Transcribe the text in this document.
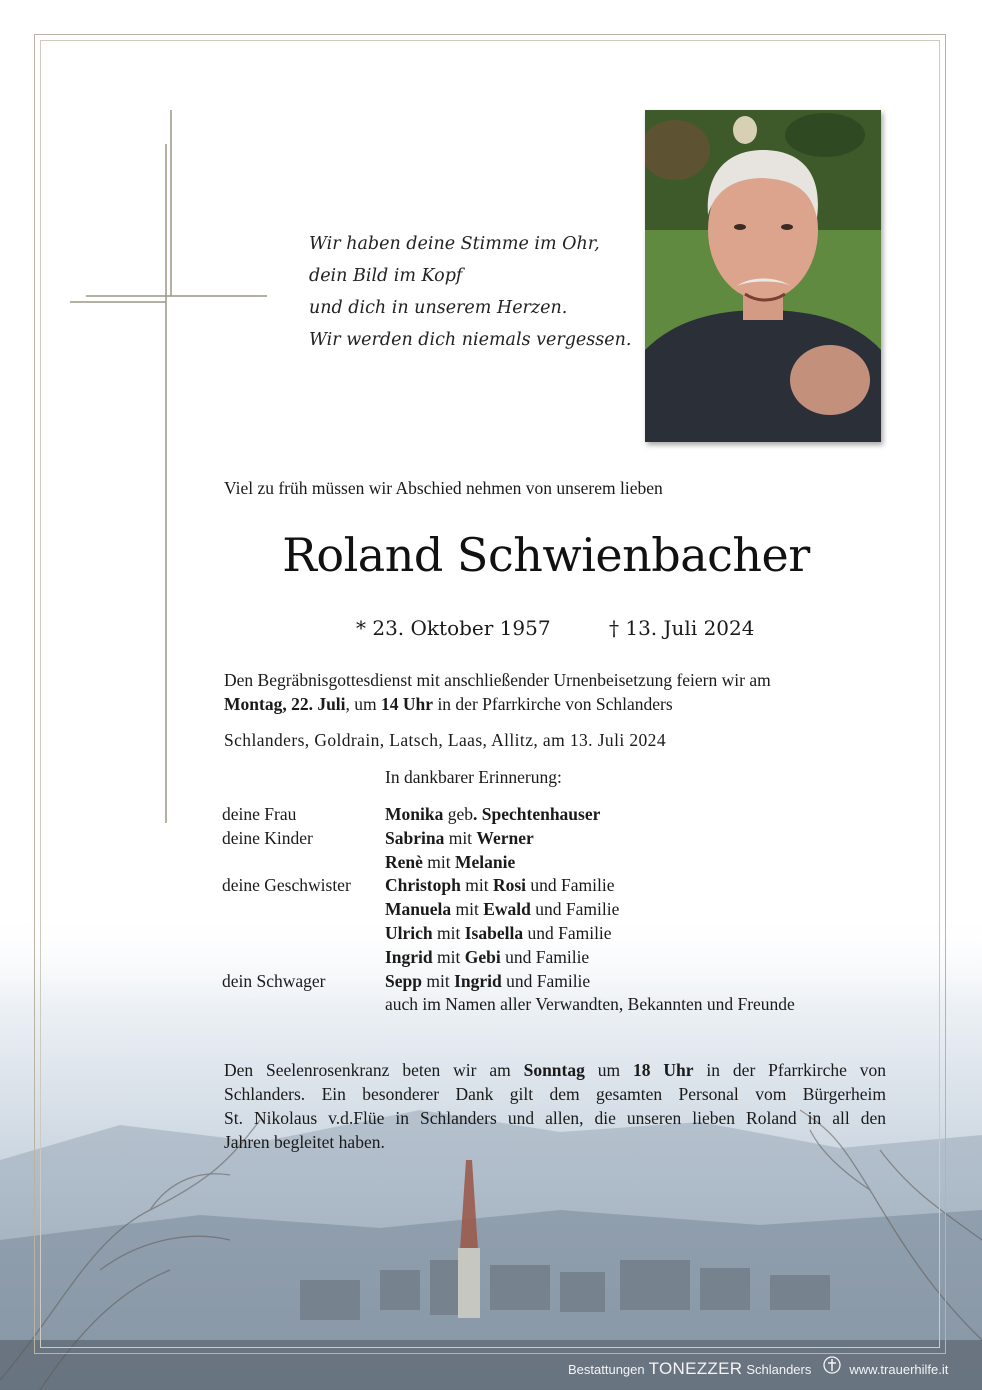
Wir haben deine Stimme im Ohr,
dein Bild im Kopf
und dich in unserem Herzen.
Wir werden dich niemals vergessen.
Viel zu früh müssen wir Abschied nehmen von unserem lieben
Roland Schwienbacher
* 23. Oktober 1957	† 13. Juli 2024
Den Begräbnisgottesdienst mit anschließender Urnenbeisetzung feiern wir am
Montag, 22. Juli, um 14 Uhr in der Pfarrkirche von Schlanders
Schlanders, Goldrain, Latsch, Laas, Allitz, am 13. Juli 2024
In dankbarer Erinnerung:
deine Frau	Monika geb. Spechtenhauser
deine Kinder	Sabrina mit Werner
Renè mit Melanie
deine Geschwister	Christoph mit Rosi und Familie
Manuela mit Ewald und Familie
Ulrich mit Isabella und Familie
Ingrid mit Gebi und Familie
dein Schwager	Sepp mit Ingrid und Familie
auch im Namen aller Verwandten, Bekannten und Freunde
Den Seelenrosenkranz beten wir am Sonntag um 18 Uhr in der Pfarrkirche von
Schlanders. Ein besonderer Dank gilt dem gesamten Personal vom Bürgerheim
St. Nikolaus v.d.Flüe in Schlanders und allen, die unseren lieben Roland in all den
Jahren begleitet haben.
Bestattungen TONEZZER Schlanders	www.trauerhilfe.it
